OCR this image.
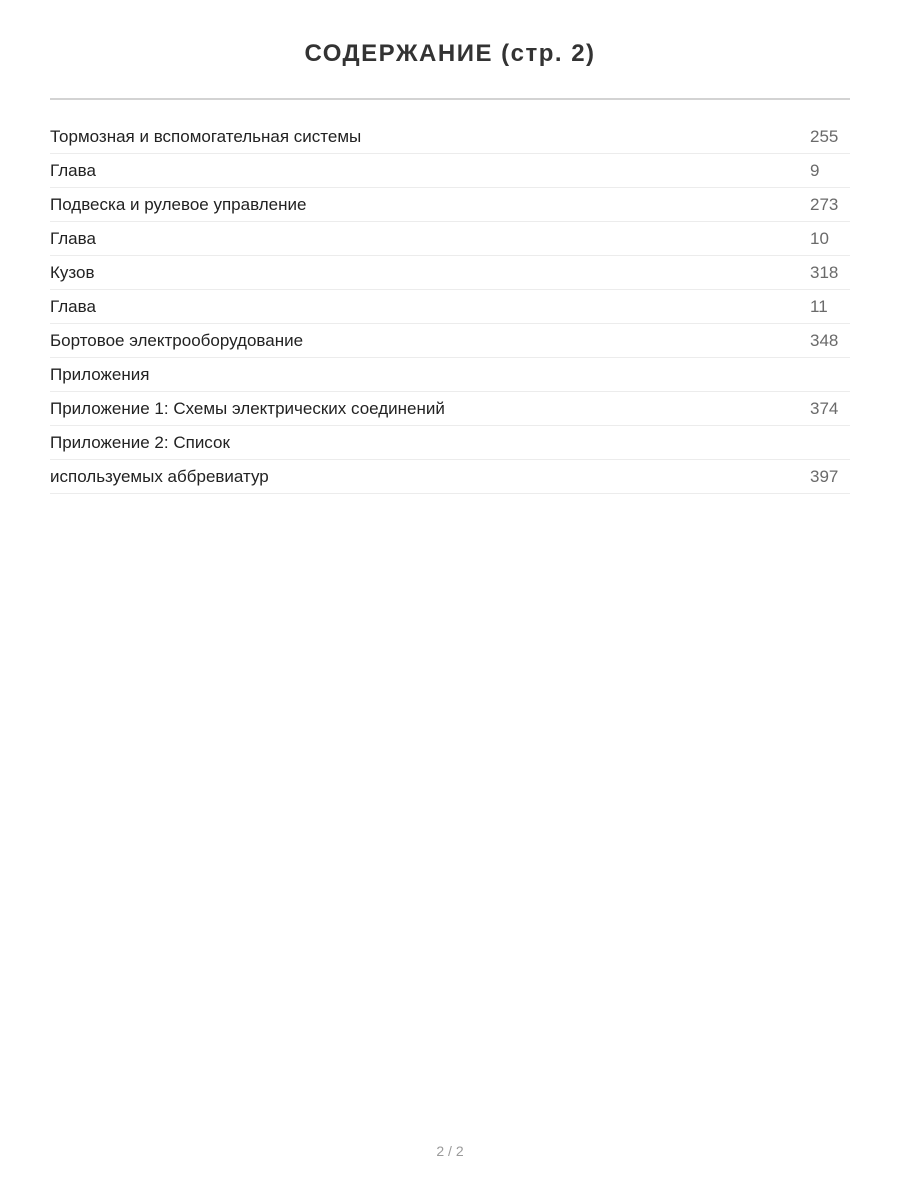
СОДЕРЖАНИЕ (стр. 2)
Тормозная и вспомогательная системы	255
Глава	9
Подвеска и рулевое управление	273
Глава	10
Кузов	318
Глава	11
Бортовое электрооборудование	348
Приложения
Приложение 1: Схемы электрических соединений	374
Приложение 2: Список
используемых аббревиатур	397
2 / 2
